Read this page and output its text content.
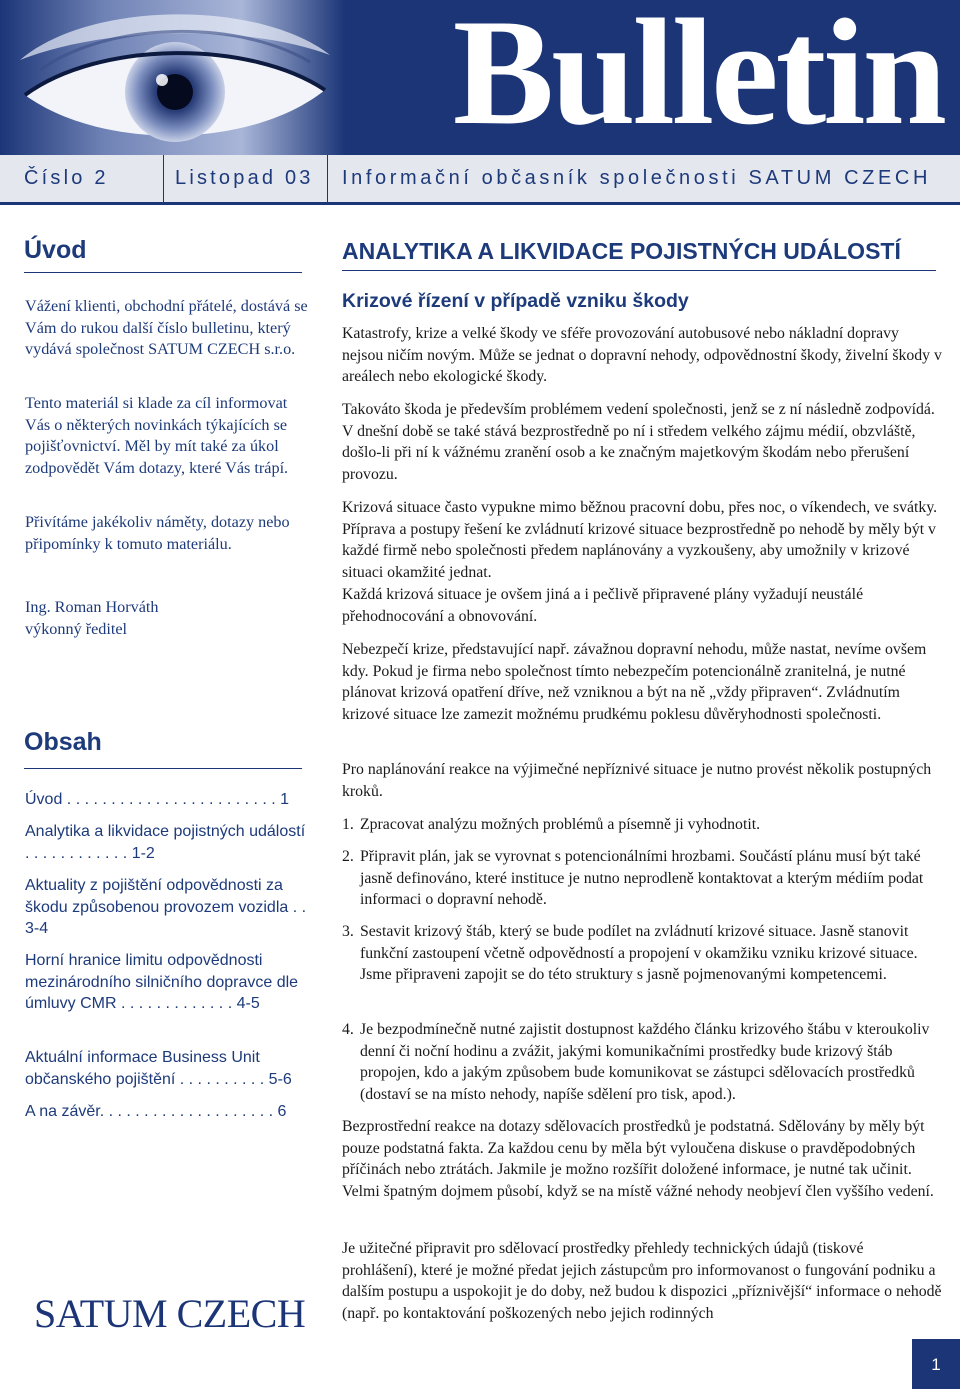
Bulletin
Číslo 2	Listopad 03 Informační občasník společnosti SATUM CZECH
Úvod

Vážení klienti, obchodní přátelé, dostává se Vám do rukou další číslo bulletinu, který vydává společnost SATUM CZECH s.r.o.

Tento materiál si klade za cíl informovat Vás o některých novinkách týkajících se pojišťovnictví. Měl by mít také za úkol zodpovědět Vám dotazy, které Vás trápí.

Přivítáme jakékoliv náměty, dotazy nebo připomínky k tomuto materiálu.

Ing. Roman Horváth

výkonný ředitel

Obsah
Úvod . . . . . . . . . . . . . . . . . . . . . . . . 1
Analytika a likvidace pojistných událostí . . . . . . . . . . . . 1-2
Aktuality z pojištění odpovědnosti za škodu způsobenou provozem vozidla . . 3-4
Horní hranice limitu odpovědnosti mezinárodního silničního dopravce dle úmluvy CMR . . . . . . . . . . . . . 4-5
Aktuální informace Business Unit občanského pojištění . . . . . . . . . . 5-6
A na závěr. . . . . . . . . . . . . . . . . . . . 6
SATUM CZECH
ANALYTIKA A LIKVIDACE POJISTNÝCH UDÁLOSTÍ
Krizové řízení v případě vzniku škody

Katastrofy, krize a velké škody ve sféře provozování autobusové nebo nákladní dopravy nejsou ničím novým. Může se jednat o dopravní nehody, odpovědnostní škody, živelní škody v areálech nebo ekologické škody.

Takováto škoda je především problémem vedení společnosti, jenž se z ní následně zodpovídá. V dnešní době se také stává bezprostředně po ní i středem velkého zájmu médií, obzvláště, došlo-li při ní k vážnému zranění osob a ke značným majetkovým škodám nebo přerušení provozu.

Krizová situace často vypukne mimo běžnou pracovní dobu, přes noc, o víkendech, ve svátky. Příprava a postupy řešení ke zvládnutí krizové situace bezprostředně po nehodě by měly být v každé firmě nebo společnosti předem naplánovány a vyzkoušeny, aby umožnily v krizové situaci okamžité jednat.

Každá krizová situace je ovšem jiná a i pečlivě připravené plány vyžadují neustálé přehodnocování a obnovování.

Nebezpečí krize, představující např. závažnou dopravní nehodu, může nastat, nevíme ovšem kdy. Pokud je firma nebo společnost tímto nebezpečím potencionálně zranitelná, je nutné plánovat krizová opatření dříve, než vzniknou a být na ně „vždy připraven“. Zvládnutím krizové situace lze zamezit možnému prudkému poklesu důvěryhodnosti společnosti.

Pro naplánování reakce na výjimečné nepříznivé situace je nutno provést několik postupných kroků.

1. Zpracovat analýzu možných problémů a písemně ji vyhodnotit.
2. Připravit plán, jak se vyrovnat s potencionálními hrozbami. Součástí plánu musí být také jasně definováno, které instituce je nutno neprodleně kontaktovat a kterým médiím podat informaci o dopravní nehodě.
3. Sestavit krizový štáb, který se bude podílet na zvládnutí krizové situace. Jasně stanovit funkční zastoupení včetně odpovědností a propojení v okamžiku vzniku krizové situace. Jsme připraveni zapojit se do této struktury s jasně pojmenovanými kompetencemi.
4. Je bezpodmínečně nutné zajistit dostupnost každého článku krizového štábu v kteroukoliv denní či noční hodinu a zvážit, jakými komunikačními prostředky bude krizový štáb propojen, kdo a jakým způsobem bude komunikovat se zástupci sdělovacích prostředků (dostaví se na místo nehody, napíše sdělení pro tisk, apod.).

Bezprostřední reakce na dotazy sdělovacích prostředků je podstatná. Sdělovány by měly být pouze podstatná fakta. Za každou cenu by měla být vyloučena diskuse o pravděpodobných příčinách nebo ztrátách. Jakmile je možno rozšířit doložené informace, je nutné tak učinit. Velmi špatným dojmem působí, když se na místě vážné nehody neobjeví člen vyššího vedení.

Je užitečné připravit pro sdělovací prostředky přehledy technických údajů (tiskové prohlášení), které je možné předat jejich zástupcům pro informovanost o fungování podniku a dalším postupu a uspokojit je do doby, než budou k dispozici „příznivější“ informace o nehodě (např. po kontaktování poškozených nebo jejich rodinných

1
